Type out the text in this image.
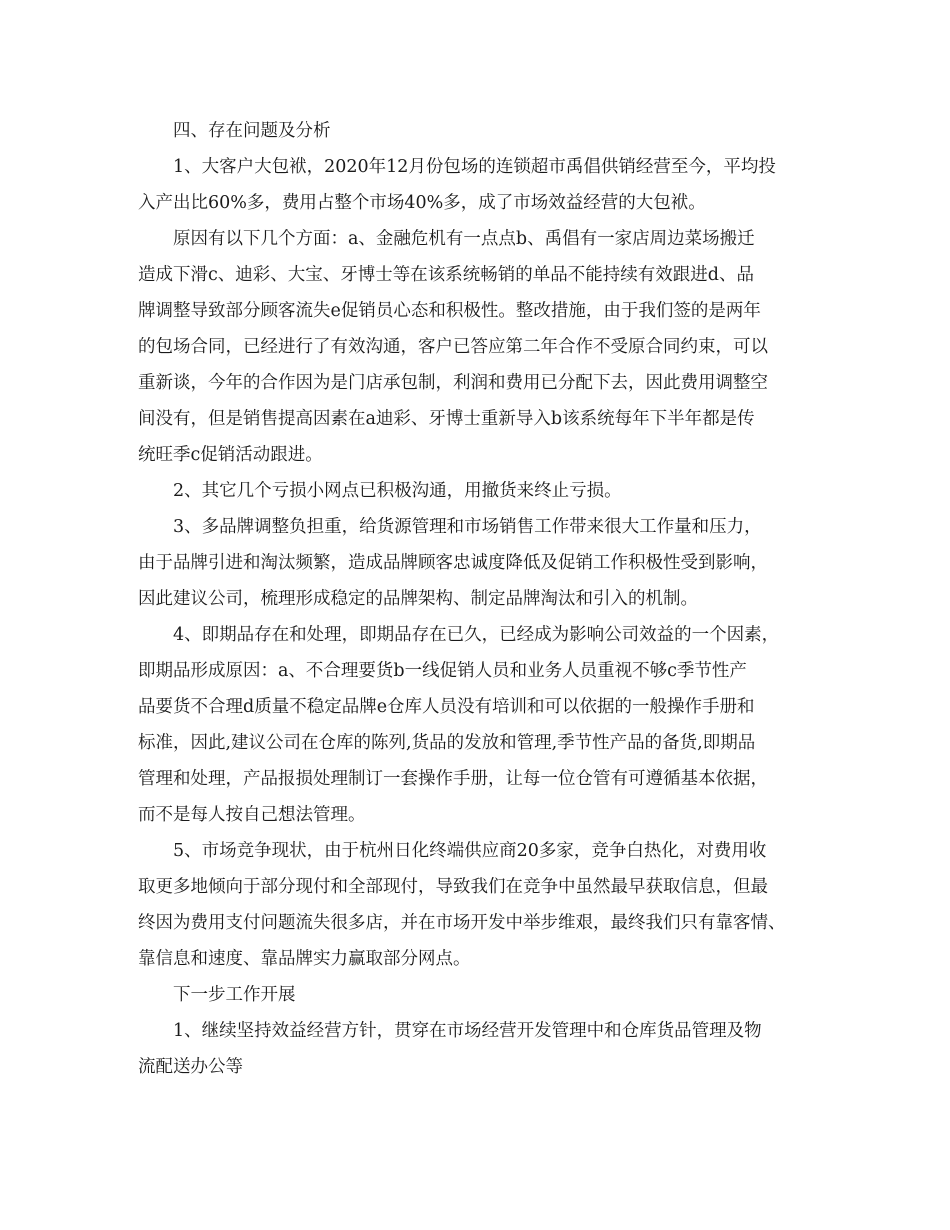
四、存在问题及分析

1、大客户大包袱，2020年12月份包场的连锁超市禹倡供销经营至今，平均投

入产出比60%多，费用占整个市场40%多，成了市场效益经营的大包袱。

原因有以下几个方面：a、金融危机有一点点b、禹倡有一家店周边菜场搬迁

造成下滑c、迪彩、大宝、牙博士等在该系统畅销的单品不能持续有效跟进d、品

牌调整导致部分顾客流失e促销员心态和积极性。整改措施，由于我们签的是两年

的包场合同，已经进行了有效沟通，客户已答应第二年合作不受原合同约束，可以

重新谈，今年的合作因为是门店承包制，利润和费用已分配下去，因此费用调整空

间没有，但是销售提高因素在a迪彩、牙博士重新导入b该系统每年下半年都是传

统旺季c促销活动跟进。

2、其它几个亏损小网点已积极沟通，用撤货来终止亏损。

3、多品牌调整负担重，给货源管理和市场销售工作带来很大工作量和压力，

由于品牌引进和淘汰频繁，造成品牌顾客忠诚度降低及促销工作积极性受到影响，

因此建议公司，梳理形成稳定的品牌架构、制定品牌淘汰和引入的机制。

4、即期品存在和处理，即期品存在已久，已经成为影响公司效益的一个因素，

即期品形成原因：a、不合理要货b一线促销人员和业务人员重视不够c季节性产

品要货不合理d质量不稳定品牌e仓库人员没有培训和可以依据的一般操作手册和

标准，因此,建议公司在仓库的陈列,货品的发放和管理,季节性产品的备货,即期品

管理和处理，产品报损处理制订一套操作手册，让每一位仓管有可遵循基本依据，

而不是每人按自己想法管理。

5、市场竞争现状，由于杭州日化终端供应商20多家，竞争白热化，对费用收

取更多地倾向于部分现付和全部现付，导致我们在竞争中虽然最早获取信息，但最

终因为费用支付问题流失很多店，并在市场开发中举步维艰，最终我们只有靠客情、

靠信息和速度、靠品牌实力赢取部分网点。

下一步工作开展

1、继续坚持效益经营方针，贯穿在市场经营开发管理中和仓库货品管理及物

流配送办公等
